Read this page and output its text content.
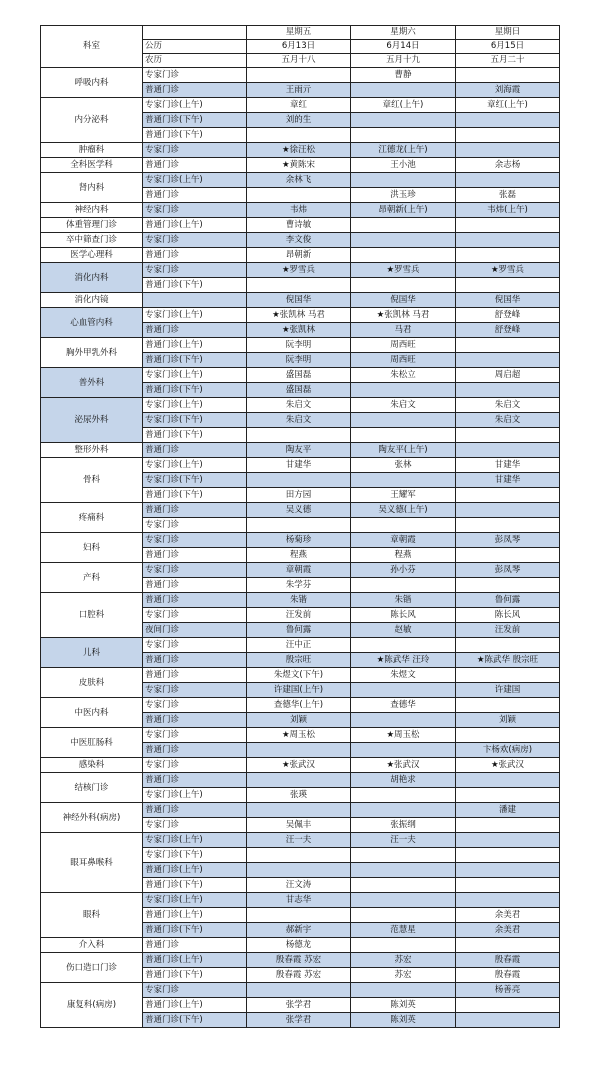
科室		星期五	星期六	星期日
	公历	6月13日	6月14日	6月15日
	农历	五月十八	五月十九	五月二十
呼吸内科	专家门诊		曹静	
	普通门诊	王雨亓		刘海霞
内分泌科	专家门诊(上午)	章红	章红(上午)	章红(上午)
	普通门诊(下午)	刘的生		
	普通门诊(下午)			
肿瘤科	专家门诊	★徐汪松	江德龙(上午)	
全科医学科	普通门诊	★黄陈宋	王小池	余志杨
肾内科	专家门诊(上午)	余林飞		
	普通门诊		洪玉珍	张磊
神经内科	专家门诊	韦炜	昂朝新(上午)	韦炜(上午)
体重管理门诊	普通门诊(上午)	曹诗敏		
卒中筛查门诊	专家门诊	李文俊		
医学心理科	普通门诊	昂朝新		
消化内科	专家门诊	★罗雪兵	★罗雪兵	★罗雪兵
	普通门诊(下午)			
消化内镜		倪国华	倪国华	倪国华
心血管内科	专家门诊(上午)	★张凯林 马君	★张凯林 马君	舒登峰
	普通门诊	★张凯林	马君	舒登峰
胸外甲乳外科	普通门诊(上午)	阮李明	周西旺	
	普通门诊(下午)	阮李明	周西旺	
普外科	专家门诊(上午)	盛国磊	朱松立	周启超
	普通门诊(下午)	盛国磊		
泌尿外科	专家门诊(上午)	朱启文	朱启文	朱启文
	专家门诊(下午)	朱启文		朱启文
	普通门诊(下午)			
整形外科	普通门诊	陶友平	陶友平(上午)	
骨科	专家门诊(上午)	甘建华	张林	甘建华
	专家门诊(下午)			甘建华
	普通门诊(下午)	田方园	王耀军	
疼痛科	普通门诊	吴义德	吴义德(上午)	
	专家门诊			
妇科	专家门诊	杨菊珍	章朝霞	彭凤琴
	普通门诊	程燕	程燕	
产科	专家门诊	章朝霞	孙小芬	彭凤琴
	普通门诊	朱学芬		
口腔科	普通门诊	朱锴	朱锴	鲁何露
	专家门诊	汪发前	陈长风	陈长风
	夜间门诊	鲁何露	赵敏	汪发前
儿科	专家门诊	汪中正		
	普通门诊	殷宗旺	★陈武华 汪玲	★陈武华 殷宗旺
皮肤科	普通门诊	朱煜文(下午)	朱煜文	
	专家门诊	许建国(上午)		许建国
中医内科	专家门诊	查德华(上午)	查德华	
	普通门诊	刘颖		刘颖
中医肛肠科	专家门诊	★周玉松	★周玉松	
	普通门诊			卞杨欢(病房)
感染科	专家门诊	★张武汉	★张武汉	★张武汉
结核门诊	普通门诊		胡艳求	
	专家门诊(上午)	张瑛		
神经外科(病房)	普通门诊			潘建
	专家门诊	吴佩丰	张振纲	
眼耳鼻喉科	专家门诊(上午)	汪一夫	汪一夫	
	专家门诊(下午)			
	普通门诊(上午)			
	普通门诊(下午)	汪文涛		
眼科	专家门诊(上午)	甘志华		
	普通门诊(上午)			余美君
	普通门诊(下午)	郝新宇	范慧星	余美君
介入科	普通门诊	杨德龙		
伤口造口门诊	普通门诊(上午)	殷春霞 苏宏	苏宏	殷春霞
	普通门诊(下午)	殷春霞 苏宏	苏宏	殷春霞
康复科(病房)	专家门诊			杨善亮
	普通门诊(上午)	张学君	陈刘英	
	普通门诊(下午)	张学君	陈刘英	
